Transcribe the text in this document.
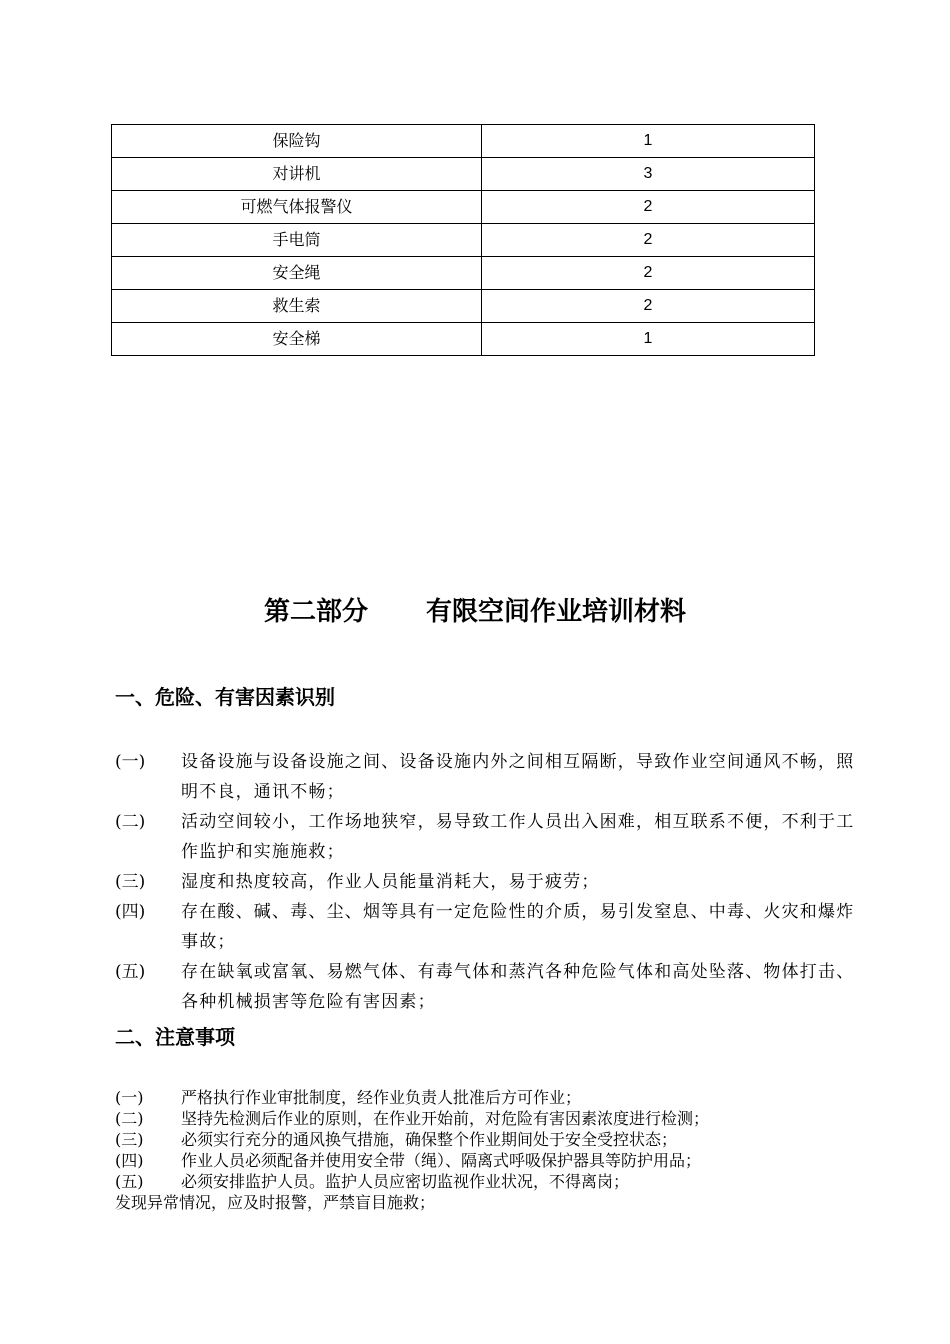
保险钩	1
对讲机	3
可燃气体报警仪	2
手电筒	2
安全绳	2
救生索	2
安全梯	1
第二部分 有限空间作业培训材料
一、危险、有害因素识别
(一)	设备设施与设备设施之间、设备设施内外之间相互隔断，导致作业空间通风不畅，照明不良，通讯不畅；
(二)	活动空间较小，工作场地狭窄，易导致工作人员出入困难，相互联系不便，不利于工作监护和实施施救；
(三)	湿度和热度较高，作业人员能量消耗大，易于疲劳；
(四)	存在酸、碱、毒、尘、烟等具有一定危险性的介质，易引发窒息、中毒、火灾和爆炸事故；
(五)	存在缺氧或富氧、易燃气体、有毒气体和蒸汽各种危险气体和高处坠落、物体打击、各种机械损害等危险有害因素；
二、注意事项
(一)	严格执行作业审批制度，经作业负责人批准后方可作业；
(二)	坚持先检测后作业的原则，在作业开始前，对危险有害因素浓度进行检测；
(三)	必须实行充分的通风换气措施，确保整个作业期间处于安全受控状态；
(四)	作业人员必须配备并使用安全带（绳）、隔离式呼吸保护器具等防护用品；
(五)	必须安排监护人员。监护人员应密切监视作业状况，不得离岗；
发现异常情况，应及时报警，严禁盲目施救；
